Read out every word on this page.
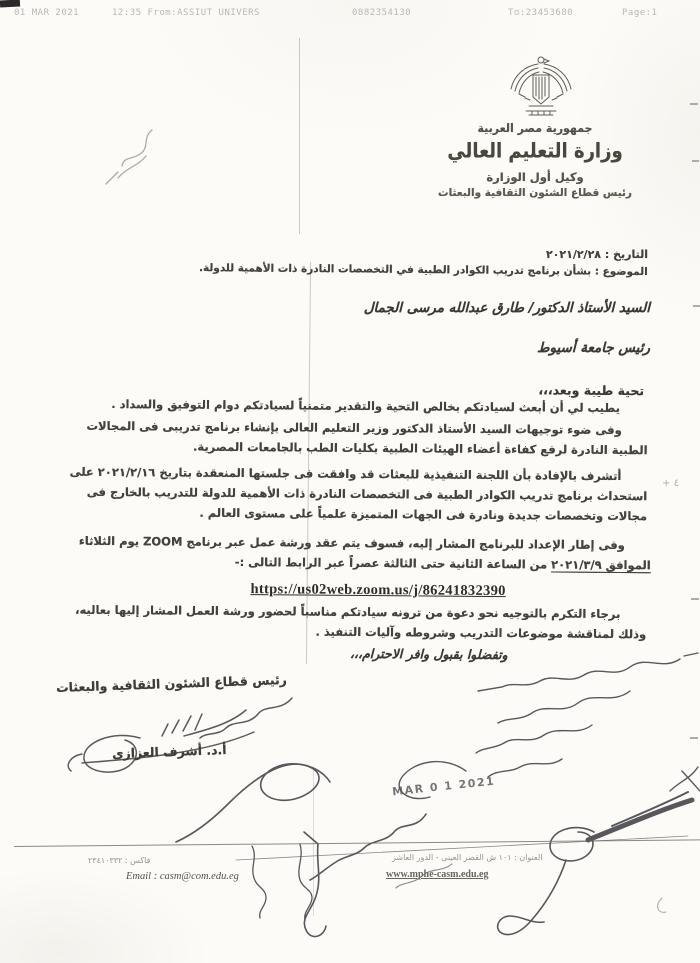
01 MAR 2021	12:35 From:ASSIUT UNIVERS	0882354130	To:23453680	Page:1
جمهورية مصر العربية
وزارة التعليم العالي
وكيل أول الوزارة
رئيس قطاع الشئون الثقافية والبعثات
التاريخ : ٢٠٢١/٢/٢٨
الموضوع : بشأن برنامج تدريب الكوادر الطبية في التخصصات النادرة ذات الأهمية للدولة.
السيد الأستاذ الدكتور/ طارق عبدالله مرسى الجمال
رئيس جامعة أسيوط
تحية طيبة وبعد،،،

يطيب لي أن أبعث لسيادتكم بخالص التحية والتقدير متمنياً لسيادتكم دوام التوفيق والسداد .

وفى ضوء توجيهات السيد الأستاذ الدكتور وزير التعليم العالى بإنشاء برنامج تدريبى فى المجالات الطبية النادرة لرفع كفاءة أعضاء الهيئات الطبية بكليات الطب بالجامعات المصرية.

أتشرف بالإفادة بأن اللجنة التنفيذية للبعثات قد وافقت فى جلستها المنعقدة بتاريخ ٢٠٢١/٢/١٦ على استحداث برنامج تدريب الكوادر الطبية فى التخصصات النادرة ذات الأهمية للدولة للتدريب بالخارج فى مجالات وتخصصات جديدة ونادرة فى الجهات المتميزة علمياً على مستوى العالم .

وفى إطار الإعداد للبرنامج المشار إليه، فسوف يتم عقد ورشة عمل عبر برنامج ZOOM يوم الثلاثاء الموافق ٢٠٢١/٣/٩ من الساعة الثانية حتى الثالثة عصراً عبر الرابط التالى :-

https://us02web.zoom.us/j/86241832390

برجاء التكرم بالتوجيه نحو دعوة من ترونه سيادتكم مناسباً لحضور ورشة العمل المشار إليها بعاليه، وذلك لمناقشة موضوعات التدريب وشروطه وآليات التنفيذ .

وتفضلوا بقبول وافر الاحترام،،،
+ ٤
رئيس قطاع الشئون الثقافية والبعثات
أ.د. أشرف العزازى
MAR 0 1 2021
فاكس : ٢٣٤١٠٣٣٢
Email : casm@com.edu.eg
العنوان : ١٠١ ش القصر العينى - الدور العاشر
www.mphe-casm.edu.eg
